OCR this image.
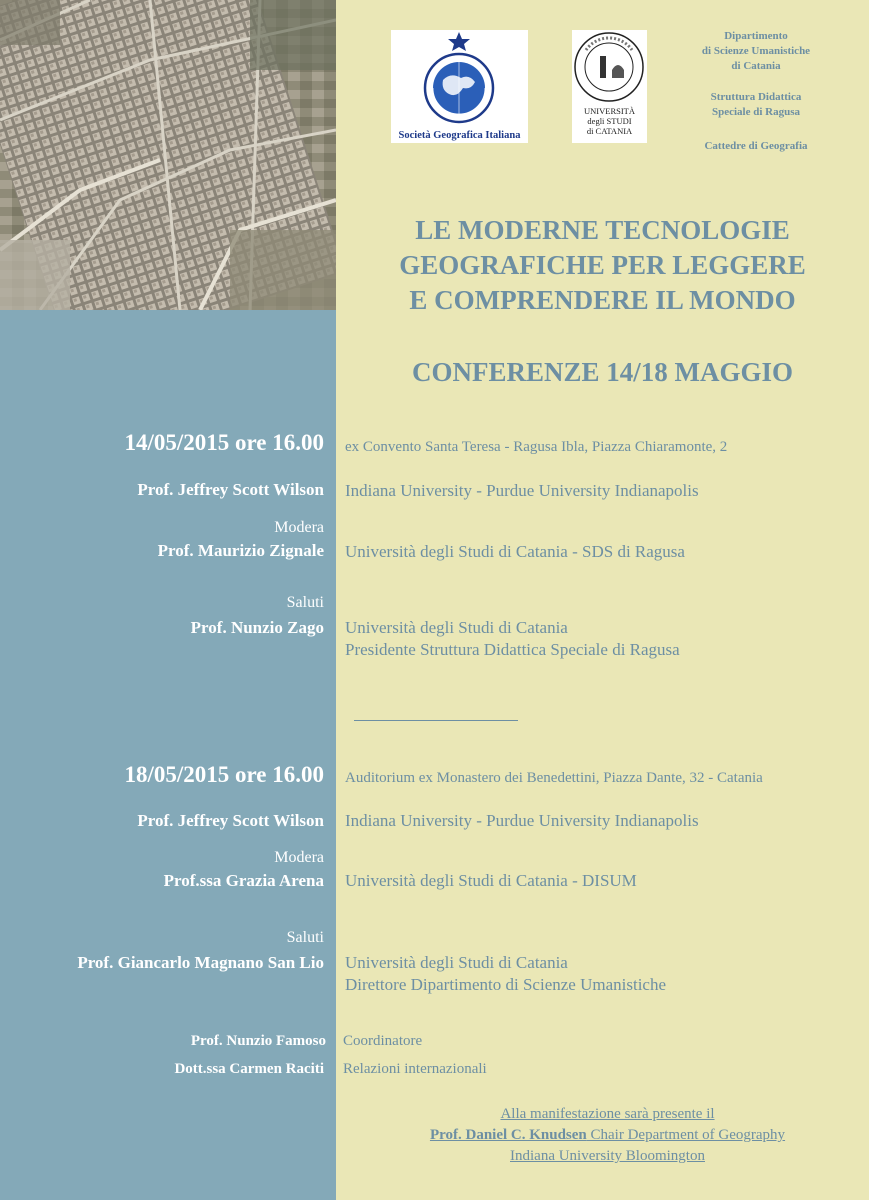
Società Geografica Italiana
UNIVERSITÀ
degli STUDI
di CATANIA
Dipartimento
di Scienze Umanistiche
di Catania
Struttura Didattica
Speciale di Ragusa
Cattedre di Geografia
LE MODERNE TECNOLOGIE
GEOGRAFICHE PER LEGGERE
E COMPRENDERE IL MONDO
CONFERENZE 14/18 MAGGIO
14/05/2015 ore 16.00 ex Convento Santa Teresa - Ragusa Ibla, Piazza Chiaramonte, 2
Prof. Jeffrey Scott Wilson Indiana University - Purdue University Indianapolis
Modera
Prof. Maurizio Zignale Università degli Studi di Catania - SDS di Ragusa
Saluti
Prof. Nunzio Zago Università degli Studi di Catania
Presidente Struttura Didattica Speciale di Ragusa
18/05/2015 ore 16.00 Auditorium ex Monastero dei Benedettini, Piazza Dante, 32 - Catania
Prof. Jeffrey Scott Wilson Indiana University - Purdue University Indianapolis
Modera
Prof.ssa Grazia Arena Università degli Studi di Catania - DISUM
Saluti
Prof. Giancarlo Magnano San Lio Università degli Studi di Catania
Direttore Dipartimento di Scienze Umanistiche
Prof. Nunzio Famoso Coordinatore
Dott.ssa Carmen Raciti Relazioni internazionali
Alla manifestazione sarà presente il
Prof. Daniel C. Knudsen Chair Department of Geography
Indiana University Bloomington
